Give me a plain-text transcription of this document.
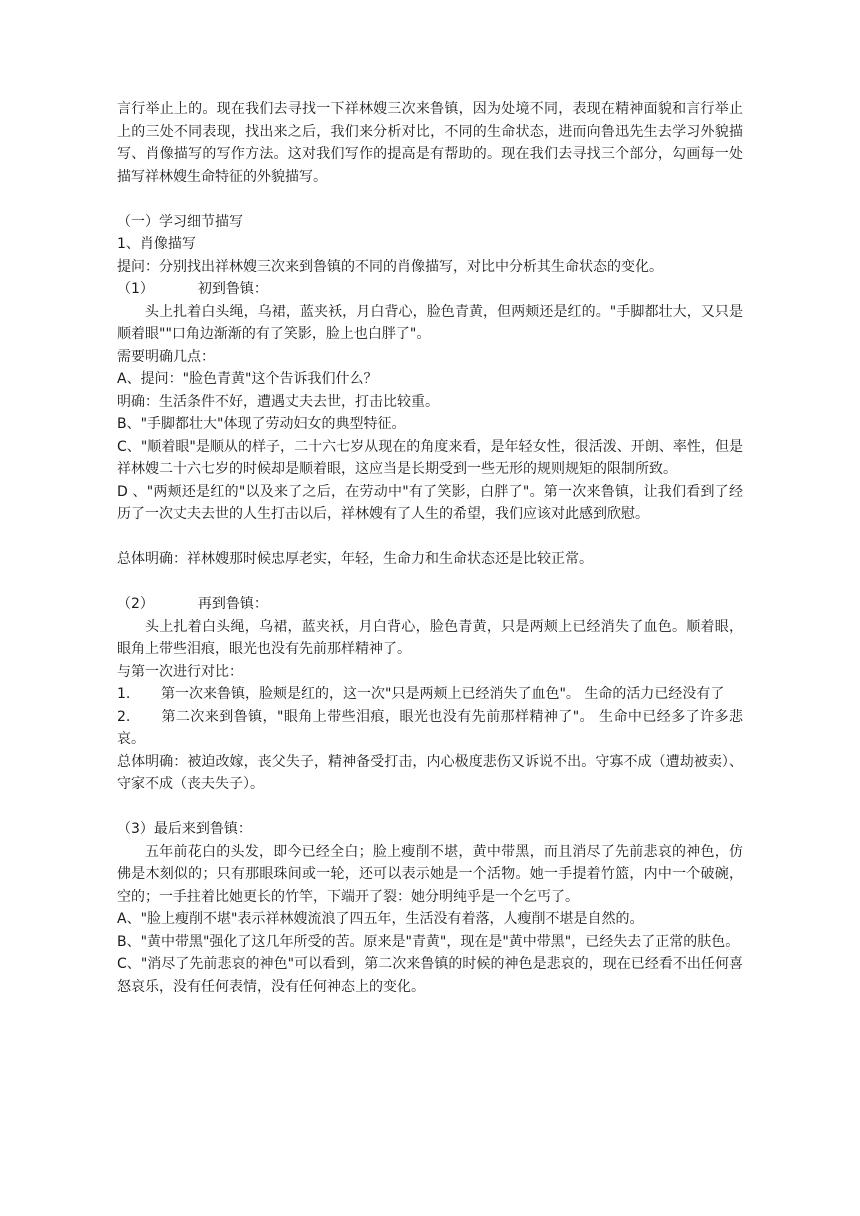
言行举止上的。现在我们去寻找一下祥林嫂三次来鲁镇，因为处境不同，表现在精神面貌和言行举止上的三处不同表现，找出来之后，我们来分析对比，不同的生命状态，进而向鲁迅先生去学习外貌描写、肖像描写的写作方法。这对我们写作的提高是有帮助的。现在我们去寻找三个部分，勾画每一处描写祥林嫂生命特征的外貌描写。

（一）学习细节描写

1、肖像描写

提问：分别找出祥林嫂三次来到鲁镇的不同的肖像描写，对比中分析其生命状态的变化。

（1）	初到鲁镇：

头上扎着白头绳，乌裙，蓝夹袄，月白背心，脸色青黄，但两颊还是红的。"手脚都壮大，又只是顺着眼""口角边渐渐的有了笑影，脸上也白胖了"。

需要明确几点：

A、提问："脸色青黄"这个告诉我们什么？

明确：生活条件不好，遭遇丈夫去世，打击比较重。

B、"手脚都壮大"体现了劳动妇女的典型特征。

C、"顺着眼"是顺从的样子，二十六七岁从现在的角度来看，是年轻女性，很活泼、开朗、率性，但是祥林嫂二十六七岁的时候却是顺着眼，这应当是长期受到一些无形的规则规矩的限制所致。

D 、"两颊还是红的"以及来了之后，在劳动中"有了笑影，白胖了"。第一次来鲁镇，让我们看到了经历了一次丈夫去世的人生打击以后，祥林嫂有了人生的希望，我们应该对此感到欣慰。

总体明确：祥林嫂那时候忠厚老实，年轻，生命力和生命状态还是比较正常。

（2）	再到鲁镇：

头上扎着白头绳，乌裙，蓝夹袄，月白背心，脸色青黄，只是两颊上已经消失了血色。顺着眼，眼角上带些泪痕，眼光也没有先前那样精神了。

与第一次进行对比：

1. 第一次来鲁镇，脸颊是红的，这一次"只是两颊上已经消失了血色"。 生命的活力已经没有了

2. 第二次来到鲁镇，"眼角上带些泪痕，眼光也没有先前那样精神了"。 生命中已经多了许多悲哀。

总体明确：被迫改嫁，丧父失子，精神备受打击，内心极度悲伤又诉说不出。守寡不成（遭劫被卖）、守家不成（丧夫失子）。

（3）最后来到鲁镇：

五年前花白的头发，即今已经全白；脸上瘦削不堪，黄中带黑，而且消尽了先前悲哀的神色，仿佛是木刻似的；只有那眼珠间或一轮，还可以表示她是一个活物。她一手提着竹篮，内中一个破碗，空的；一手拄着比她更长的竹竿，下端开了裂：她分明纯乎是一个乞丐了。

A、"脸上瘦削不堪"表示祥林嫂流浪了四五年，生活没有着落，人瘦削不堪是自然的。

B、"黄中带黑"强化了这几年所受的苦。原来是"青黄"，现在是"黄中带黑"，已经失去了正常的肤色。

C、"消尽了先前悲哀的神色"可以看到，第二次来鲁镇的时候的神色是悲哀的，现在已经看不出任何喜怒哀乐，没有任何表情，没有任何神态上的变化。
